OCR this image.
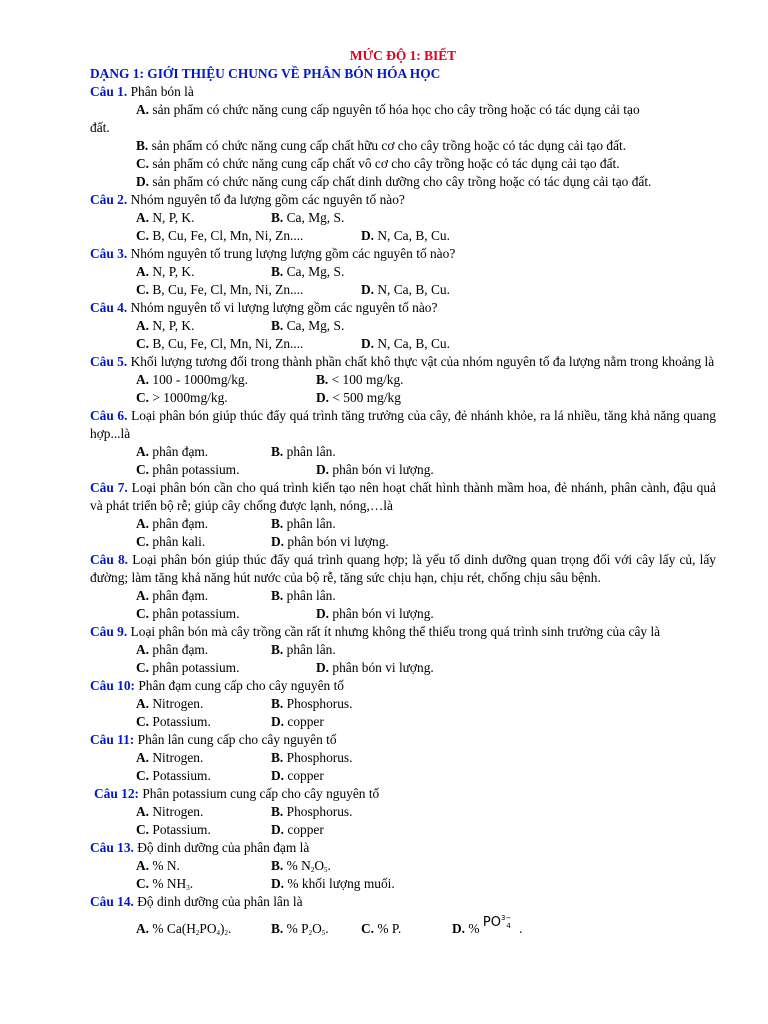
MỨC ĐỘ 1: BIẾT
DẠNG 1: GIỚI THIỆU CHUNG VỀ PHÂN BÓN HÓA HỌC
Câu 1. Phân bón là
A. sản phẩm có chức năng cung cấp nguyên tố hóa học cho cây trồng hoặc có tác dụng cải tạo
đất.
B. sản phẩm có chức năng cung cấp chất hữu cơ cho cây trồng hoặc có tác dụng cải tạo đất.
C. sản phẩm có chức năng cung cấp chất vô cơ cho cây trồng hoặc có tác dụng cải tạo đất.
D. sản phẩm có chức năng cung cấp chất dinh dưỡng cho cây trồng hoặc có tác dụng cải tạo đất.
Câu 2. Nhóm nguyên tố đa lượng gồm các nguyên tố nào?
A. N, P, K.	B. Ca, Mg, S.
C. B, Cu, Fe, Cl, Mn, Ni, Zn....	D. N, Ca, B, Cu.
Câu 3. Nhóm nguyên tố trung lượng lượng gồm các nguyên tố nào?
A. N, P, K.	B. Ca, Mg, S.
C. B, Cu, Fe, Cl, Mn, Ni, Zn....	D. N, Ca, B, Cu.
Câu 4. Nhóm nguyên tố vi lượng lượng gồm các nguyên tố nào?
A. N, P, K.	B. Ca, Mg, S.
C. B, Cu, Fe, Cl, Mn, Ni, Zn....	D. N, Ca, B, Cu.
Câu 5. Khối lượng tương đối trong thành phần chất khô thực vật của nhóm nguyên tố đa lượng nằm trong khoảng là
A. 100 - 1000mg/kg.	B. < 100 mg/kg.
C. > 1000mg/kg.	D. < 500 mg/kg
Câu 6. Loại phân bón giúp thúc đẩy quá trình tăng trưởng của cây, đẻ nhánh khỏe, ra lá nhiều, tăng khả năng quang hợp...là
A. phân đạm.	B. phân lân.
C. phân potassium.	D. phân bón vi lượng.
Câu 7. Loại phân bón cần cho quá trình kiến tạo nên hoạt chất hình thành mầm hoa, đẻ nhánh, phân cành, đậu quả và phát triển bộ rễ; giúp cây chống được lạnh, nóng,…là
A. phân đạm.	B. phân lân.
C. phân kali.	D. phân bón vi lượng.
Câu 8. Loại phân bón giúp thúc đẩy quá trình quang hợp; là yếu tố dinh dưỡng quan trọng đối với cây lấy củ, lấy đường; làm tăng khả năng hút nước của bộ rễ, tăng sức chịu hạn, chịu rét, chống chịu sâu bệnh.
A. phân đạm.	B. phân lân.
C. phân potassium.	D. phân bón vi lượng.
Câu 9. Loại phân bón mà cây trồng cần rất ít nhưng không thể thiếu trong quá trình sinh trưởng của cây là
A. phân đạm.	B. phân lân.
C. phân potassium.	D. phân bón vi lượng.
Câu 10: Phân đạm cung cấp cho cây nguyên tố
A. Nitrogen.	B. Phosphorus.
C. Potassium.	D. copper
Câu 11: Phân lân cung cấp cho cây nguyên tố
A. Nitrogen.	B. Phosphorus.
C. Potassium.	D. copper
Câu 12: Phân potassium cung cấp cho cây nguyên tố
A. Nitrogen.	B. Phosphorus.
C. Potassium.	D. copper
Câu 13. Độ dinh dưỡng của phân đạm là
A. % N.	B. % $N_2O_5$.
C. % $NH_3$.	D. % khối lượng muối.
Câu 14. Độ dinh dưỡng của phân lân là
A. % $Ca(H_2PO_4)_2$.	B. % $P_2O_5$. C. % P.	D. % $PO^{3-}4$ .
